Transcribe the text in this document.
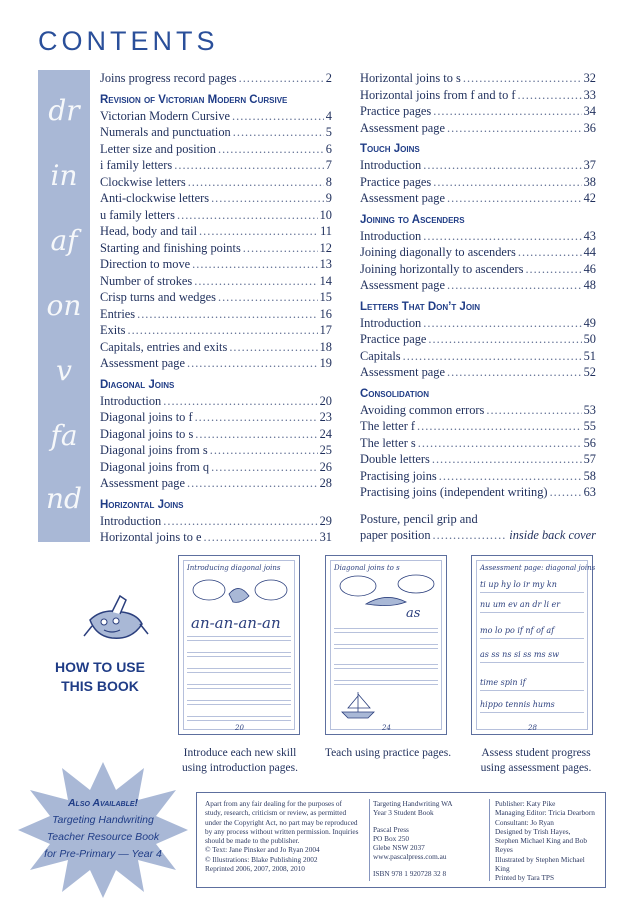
CONTENTS
dr
in
af
on
v
fa
nd
Joins progress record pages .....	2
Revision of Victorian Modern Cursive
Victorian Modern Cursive .....	4
Numerals and punctuation .....	5
Letter size and position .....	6
i family letters .....	7
Clockwise letters .....	8
Anti-clockwise letters .....	9
u family letters .....	10
Head, body and tail .....	11
Starting and finishing points .....	12
Direction to move .....	13
Number of strokes .....	14
Crisp turns and wedges .....	15
Entries .....	16
Exits .....	17
Capitals, entries and exits .....	18
Assessment page .....	19
Diagonal Joins
Introduction .....	20
Diagonal joins to f .....	23
Diagonal joins to s .....	24
Diagonal joins from s .....	25
Diagonal joins from q .....	26
Assessment page .....	28
Horizontal Joins
Introduction .....	29
Horizontal joins to e .....	31
Horizontal joins to s .....	32
Horizontal joins from f and to f .....	33
Practice pages .....	34
Assessment page .....	36
Touch Joins
Introduction .....	37
Practice pages .....	38
Assessment page .....	42
Joining to Ascenders
Introduction .....	43
Joining diagonally to ascenders .....	44
Joining horizontally to ascenders .....	46
Assessment page .....	48
Letters That Don’t Join
Introduction .....	49
Practice page .....	50
Capitals .....	51
Assessment page .....	52
Consolidation
Avoiding common errors .....	53
The letter f .....	55
The letter s .....	56
Double letters .....	57
Practising joins .....	58
Practising joins (independent writing) .....	63
Posture, pencil grip and
paper position .....	inside back cover
HOW TO USE
THIS BOOK
Introducing diagonal joins
an-an-an-an
20
Diagonal joins to s
as
24
Assessment page: diagonal joins
ti up hy lo ir my kn
nu um ev an dr li er
mo lo po if nf of af
as ss ns si ss ms sw
time spin if
hippo tennis hums
28
Introduce each new skill
using introduction pages.
Teach using practice pages.	Assess student progress
using assessment pages.
Also Available!
Targeting Handwriting
Teacher Resource Book
for Pre-Primary — Year 4
Apart from any fair dealing for the purposes of
study, research, criticism or review, as permitted
under the Copyright Act, no part may be reproduced
by any process without written permission. Inquiries
should be made to the publisher.
© Text: Jane Pinsker and Jo Ryan 2004
© Illustrations: Blake Publishing 2002
Reprinted 2006, 2007, 2008, 2010
Targeting Handwriting WA
Year 3 Student Book
Pascal Press
PO Box 250
Glebe NSW 2037
www.pascalpress.com.au
ISBN 978 1 920728 32 8
Publisher: Katy Pike
Managing Editor: Tricia Dearborn
Consultant: Jo Ryan
Designed by Trish Hayes,
Stephen Michael King and Bob Reyes
Illustrated by Stephen Michael King
Printed by Tara TPS
